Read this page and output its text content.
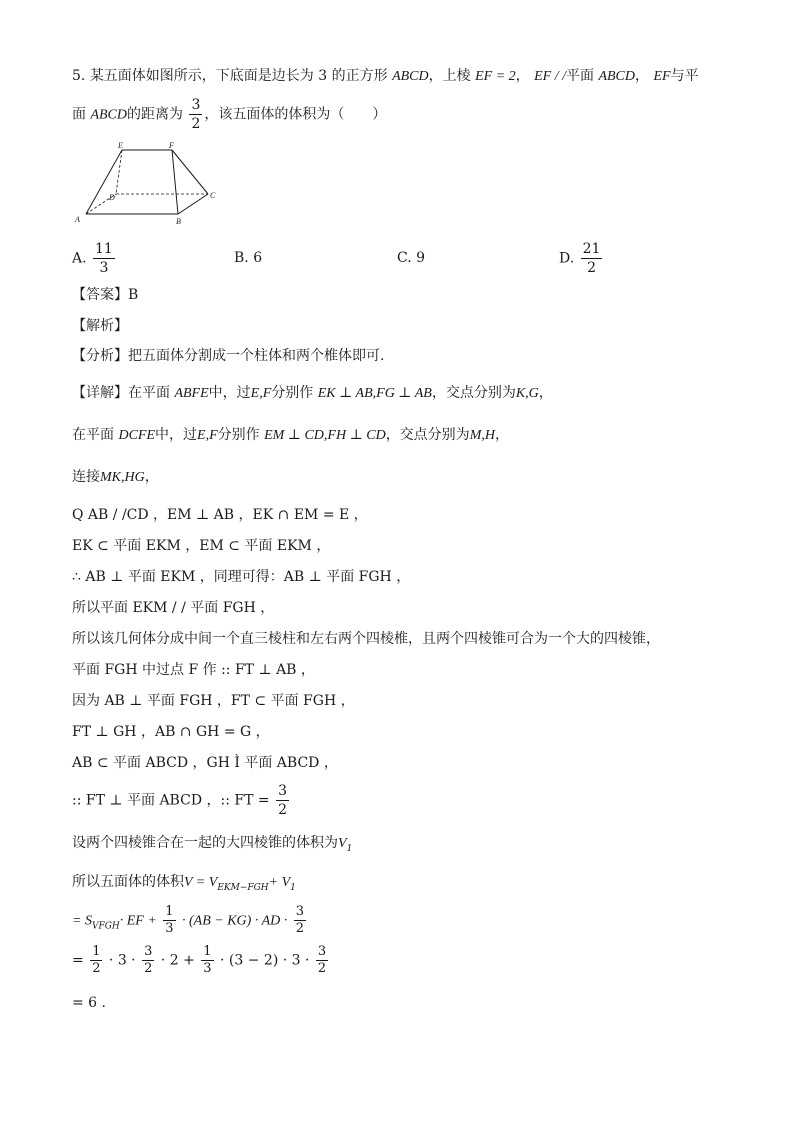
5. 某五面体如图所示，下底面是边长为 3 的正方形 ABCD，上棱 EF = 2， EF / /平面 ABCD， EF与平
面 ABCD的距离为 $\frac{3}{2}$ ，该五面体的体积为（　　）
E	F
D	C
A	B
A. $\frac{11}{3}$	B. 6	C. 9	D. $\frac{21}{2}$
【答案】B
【解析】
【分析】把五面体分割成一个柱体和两个椎体即可.
【详解】在平面 ABFE中，过E,F分别作 EK ⊥ AB,FG ⊥ AB，交点分别为K,G，
在平面 DCFE中，过E,F分别作 EM ⊥ CD,FH ⊥ CD，交点分别为M,H，
连接MK,HG，
Q AB / /CD ，EM ⊥ AB ，EK ∩ EM = E ，
EK ⊂ 平面 EKM ，EM ⊂ 平面 EKM ，
∴ AB ⊥ 平面 EKM ，同理可得：AB ⊥ 平面 FGH ，
所以平面 EKM / / 平面 FGH ，
所以该几何体分成中间一个直三棱柱和左右两个四棱椎，且两个四棱锥可合为一个大的四棱锥，
平面 FGH 中过点 F 作 :: FT ⊥ AB ，
因为 AB ⊥ 平面 FGH ，FT ⊂ 平面 FGH ，
FT ⊥ GH ，AB ∩ GH = G ，
AB ⊂ 平面 ABCD ，GH Ì 平面 ABCD ，
:: FT ⊥ 平面 ABCD ，:: FT = $\frac{3}{2}$
设两个四棱锥合在一起的大四棱锥的体积为$V_1$
所以五面体的体积$V = V_{EKM-FGH}+ V_1$
= $S_{VFGH}\cdot$ EF + $\frac{1}{3} \cdot (AB - KG)$ · AD · $\frac{3}{2}$
= $\frac{1}{2} \cdot 3 \cdot \frac{3}{2} \cdot 2 + \frac{1}{3} \cdot (3 - 2) \cdot 3 \cdot \frac{3}{2}$
= 6 .
